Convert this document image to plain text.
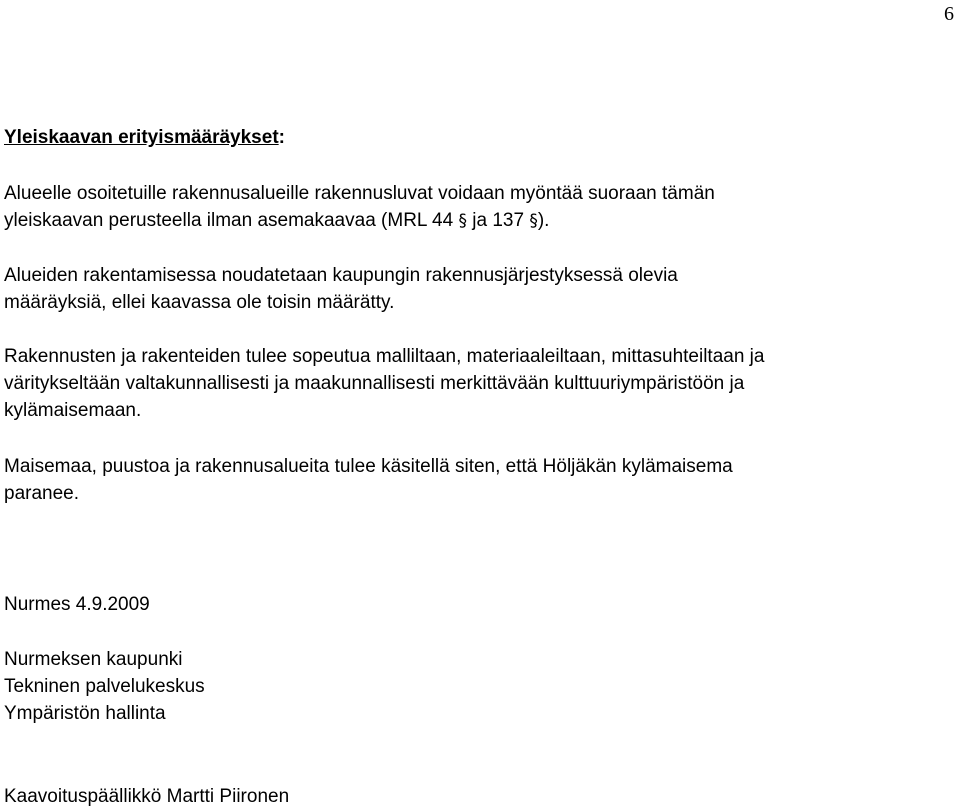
6
Yleiskaavan erityismääräykset:

Alueelle osoitetuille rakennusalueille rakennusluvat voidaan myöntää suoraan tämän
yleiskaavan perusteella ilman asemakaavaa (MRL 44 § ja 137 §).

Alueiden rakentamisessa noudatetaan kaupungin rakennusjärjestyksessä olevia
määräyksiä, ellei kaavassa ole toisin määrätty.

Rakennusten ja rakenteiden tulee sopeutua malliltaan, materiaaleiltaan, mittasuhteiltaan ja
väritykseltään valtakunnallisesti ja maakunnallisesti merkittävään kulttuuriympäristöön ja
kylämaisemaan.

Maisemaa, puustoa ja rakennusalueita tulee käsitellä siten, että Höljäkän kylämaisema
paranee.

Nurmes 4.9.2009
Nurmeksen kaupunki
Tekninen palvelukeskus
Ympäristön hallinta
Kaavoituspäällikkö Martti Piironen
